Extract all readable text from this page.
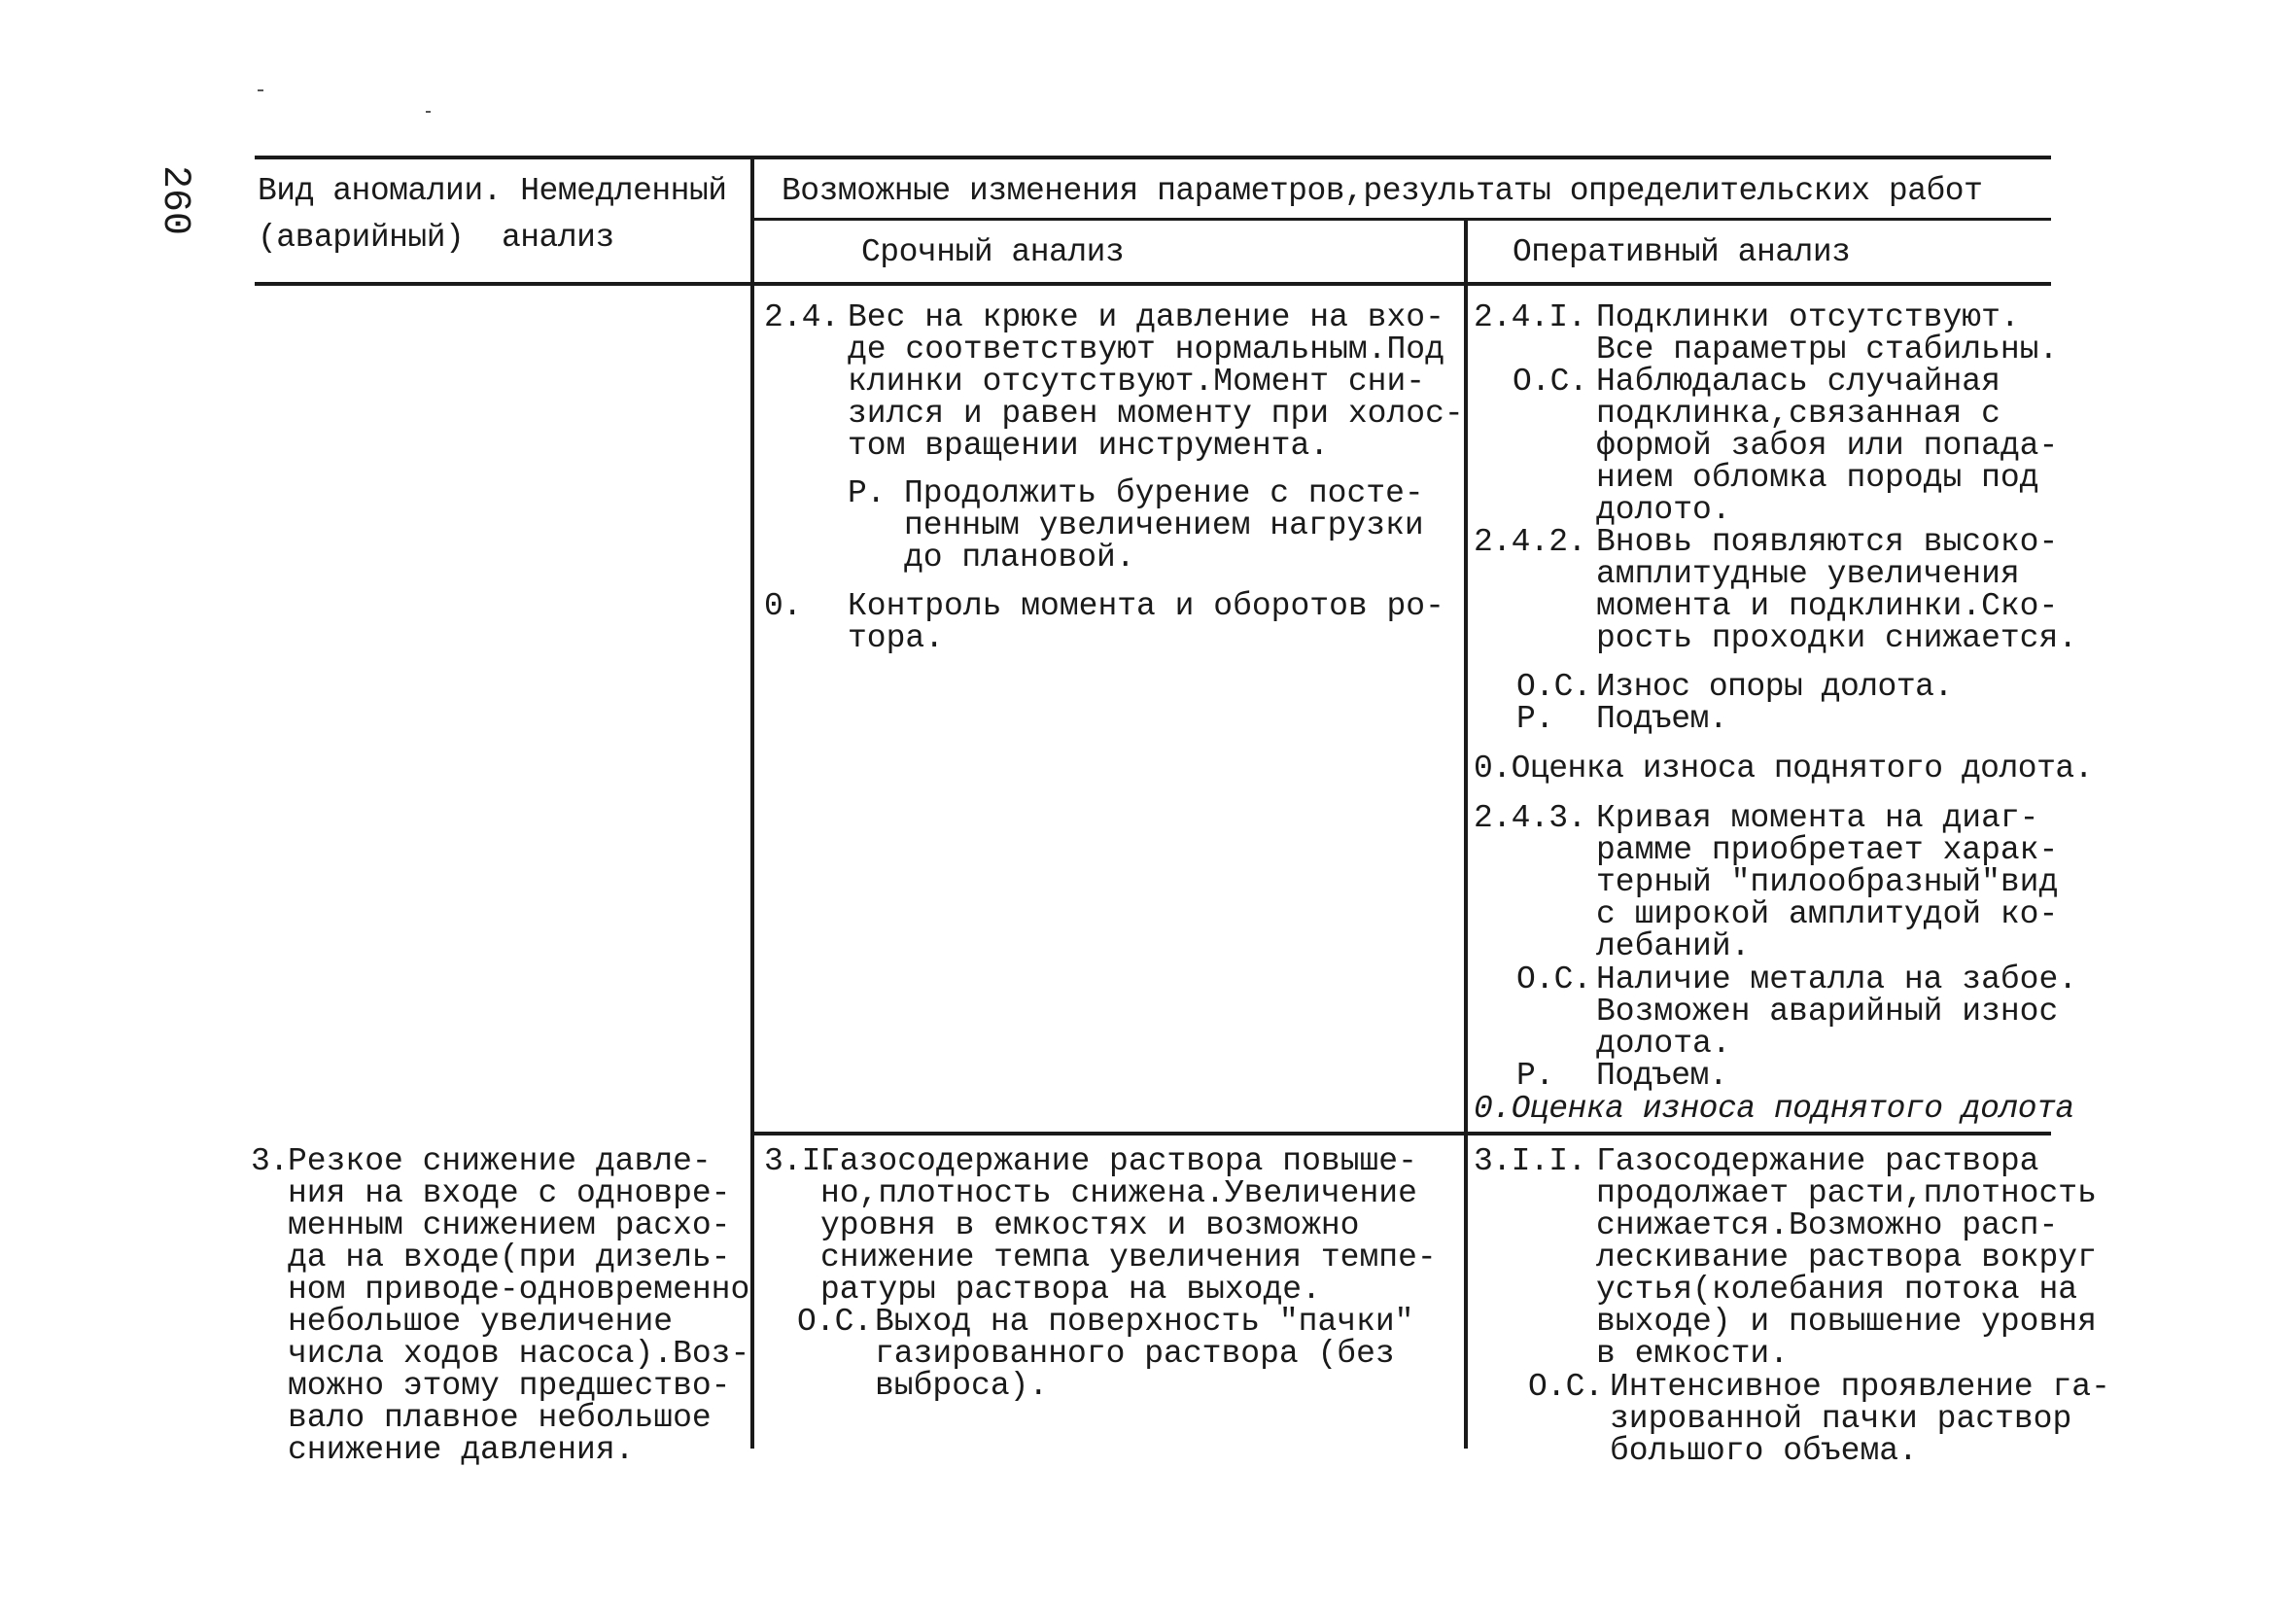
260 Вид аномалии. Немедленный
(аварийный)  анализ
Возможные изменения параметров,результаты определительских работ
Срочный анализ	Оперативный анализ
2.4. Вес на крюке и давление на вхо-
де соответствуют нормальным.Под
клинки отсутствуют.Момент сни-
зился и равен моменту при холос-
том вращении инструмента.
Р. Продолжить бурение с посте-
пенным увеличением нагрузки
до плановой.
0. Контроль момента и оборотов ро-
тора.
2.4.I. Подклинки отсутствуют.
Все параметры стабильны.
О.С. Наблюдалась случайная
подклинка,связанная с
формой забоя или попада-
нием обломка породы под
долото.
2.4.2. Вновь появляются высоко-
амплитудные увеличения
момента и подклинки.Ско-
рость проходки снижается.
О.С. Износ опоры долота.
Р. Подъем.
0.Оценка износа поднятого долота.
2.4.3. Кривая момента на диаг-
рамме приобретает харак-
терный "пилообразный"вид
с широкой амплитудой ко-
лебаний.
О.С. Наличие металла на забое.
Возможен аварийный износ
долота.
Р. Подъем.
0.Оценка износа поднятого долота
3. Резкое снижение давле-
ния на входе с одновре-
менным снижением расхо-
да на входе(при дизель-
ном приводе-одновременно
небольшое увеличение
числа ходов насоса).Воз-
можно этому предшество-
вало плавное небольшое
снижение давления.
3.I.
Газосодержание раствора повыше-
но,плотность снижена.Увеличение
уровня в емкостях и возможно
снижение темпа увеличения темпе-
ратуры раствора на выходе.
О.С. Выход на поверхность "пачки"
газированного раствора (без
выброса).
3.I.I. Газосодержание раствора
продолжает расти,плотность
снижается.Возможно расп-
лескивание раствора вокруг
устья(колебания потока на
выходе) и повышение уровня
в емкости.
О.С. Интенсивное проявление га-
зированной пачки раствор
большого объема.
